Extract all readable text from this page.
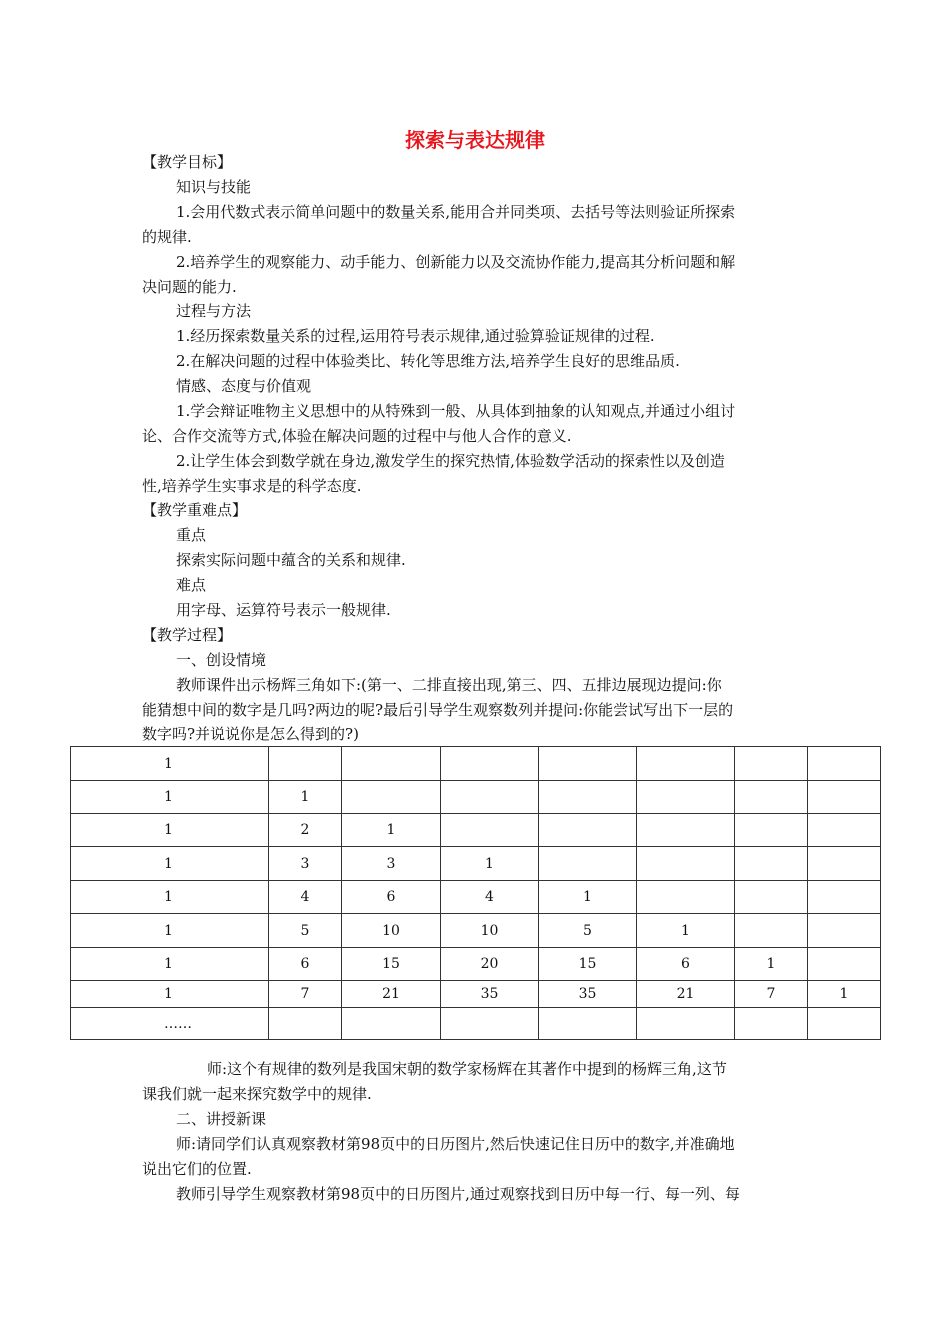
探索与表达规律
【教学目标】
知识与技能
1.会用代数式表示简单问题中的数量关系,能用合并同类项、去括号等法则验证所探索
的规律.
2.培养学生的观察能力、动手能力、创新能力以及交流协作能力,提高其分析问题和解
决问题的能力.
过程与方法
1.经历探索数量关系的过程,运用符号表示规律,通过验算验证规律的过程.
2.在解决问题的过程中体验类比、转化等思维方法,培养学生良好的思维品质.
情感、态度与价值观
1.学会辩证唯物主义思想中的从特殊到一般、从具体到抽象的认知观点,并通过小组讨
论、合作交流等方式,体验在解决问题的过程中与他人合作的意义.
2.让学生体会到数学就在身边,激发学生的探究热情,体验数学活动的探索性以及创造
性,培养学生实事求是的科学态度.
【教学重难点】
重点
探索实际问题中蕴含的关系和规律.
难点
用字母、运算符号表示一般规律.
【教学过程】
一、创设情境
教师课件出示杨辉三角如下:(第一、二排直接出现,第三、四、五排边展现边提问:你
能猜想中间的数字是几吗?两边的呢?最后引导学生观察数列并提问:你能尝试写出下一层的
数字吗?并说说你是怎么得到的?)
1							
1	1						
1	2	1					
1	3	3	1				
1	4	6	4	1			
1	5	10	10	5	1		
1	6	15	20	15	6	1	
1	7	21	35	35	21	7	1
……							
师:这个有规律的数列是我国宋朝的数学家杨辉在其著作中提到的杨辉三角,这节
课我们就一起来探究数学中的规律.
二、讲授新课
师:请同学们认真观察教材第98页中的日历图片,然后快速记住日历中的数字,并准确地
说出它们的位置.
教师引导学生观察教材第98页中的日历图片,通过观察找到日历中每一行、每一列、每
